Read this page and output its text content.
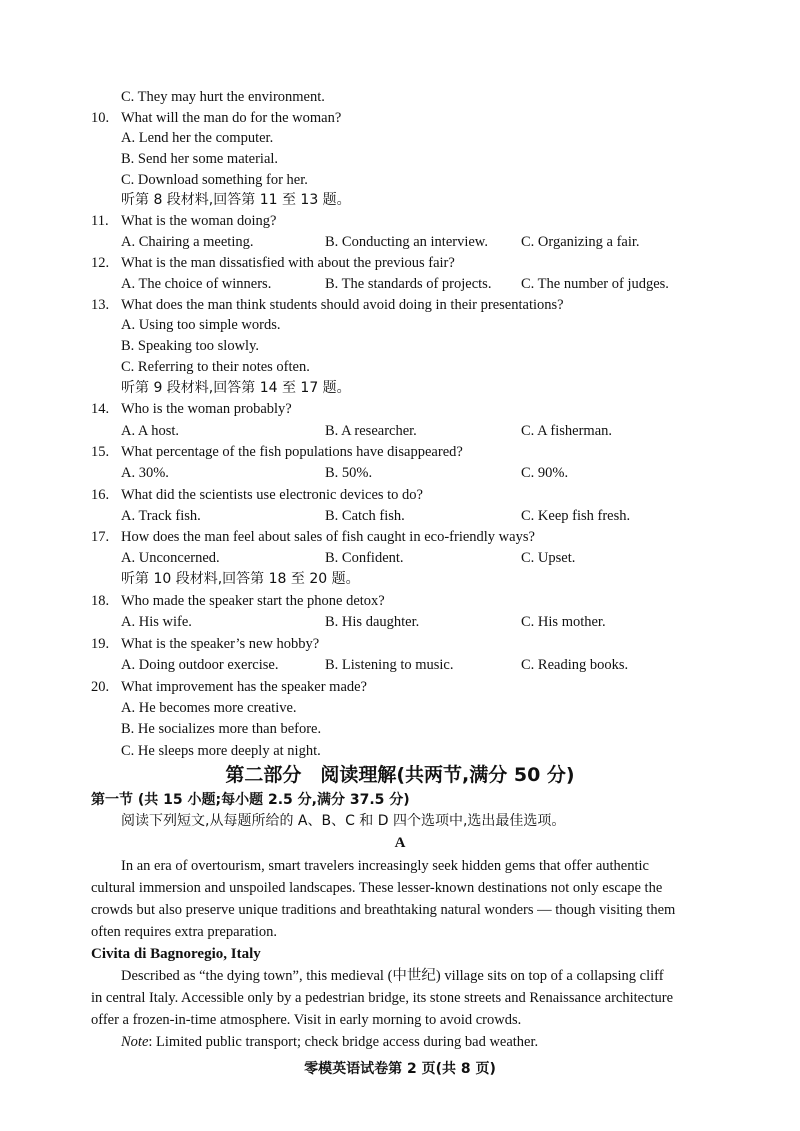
C. They may hurt the environment.
10. What will the man do for the woman?
A. Lend her the computer.
B. Send her some material.
C. Download something for her.
听第 8 段材料,回答第 11 至 13 题。
11. What is the woman doing?
A. Chairing a meeting.	B. Conducting an interview. C. Organizing a fair.
12. What is the man dissatisfied with about the previous fair?
A. The choice of winners.	B. The standards of projects. C. The number of judges.
13. What does the man think students should avoid doing in their presentations?
A. Using too simple words.
B. Speaking too slowly.
C. Referring to their notes often.
听第 9 段材料,回答第 14 至 17 题。
14. Who is the woman probably?
A. A host.	B. A researcher.	C. A fisherman.
15. What percentage of the fish populations have disappeared?
A. 30%.	B. 50%.	C. 90%.
16. What did the scientists use electronic devices to do?
A. Track fish.	B. Catch fish.	C. Keep fish fresh.
17. How does the man feel about sales of fish caught in eco-friendly ways?
A. Unconcerned.	B. Confident.	C. Upset.
听第 10 段材料,回答第 18 至 20 题。
18. Who made the speaker start the phone detox?
A. His wife.	B. His daughter.	C. His mother.
19. What is the speaker’s new hobby?
A. Doing outdoor exercise.	B. Listening to music.	C. Reading books.
20. What improvement has the speaker made?
A. He becomes more creative.
B. He socializes more than before.
C. He sleeps more deeply at night.
第二部分　阅读理解(共两节,满分 50 分)
第一节 (共 15 小题;每小题 2.5 分,满分 37.5 分)
阅读下列短文,从每题所给的 A、B、C 和 D 四个选项中,选出最佳选项。
A
In an era of overtourism, smart travelers increasingly seek hidden gems that offer authentic
cultural immersion and unspoiled landscapes. These lesser-known destinations not only escape the
crowds but also preserve unique traditions and breathtaking natural wonders — though visiting them
often requires extra preparation.
Civita di Bagnoregio, Italy
Described as “the dying town”, this medieval (中世纪) village sits on top of a collapsing cliff
in central Italy. Accessible only by a pedestrian bridge, its stone streets and Renaissance architecture
offer a frozen-in-time atmosphere. Visit in early morning to avoid crowds.
Note: Limited public transport; check bridge access during bad weather.
零模英语试卷第 2 页(共 8 页)
